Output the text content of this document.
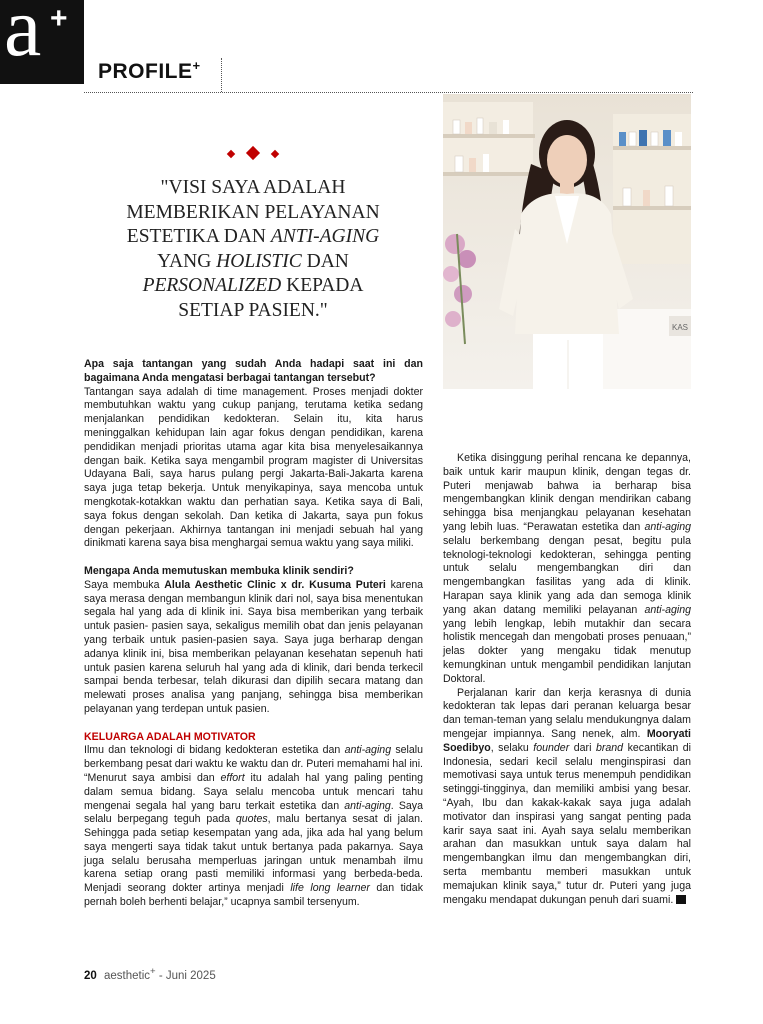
a +
PROFILE+
"VISI SAYA ADALAH
MEMBERIKAN PELAYANAN
ESTETIKA DAN ANTI-AGING
YANG HOLISTIC DAN
PERSONALIZED KEPADA
SETIAP PASIEN."
KAS

Apa saja tantangan yang sudah Anda hadapi saat ini dan bagaimana Anda mengatasi berbagai tantangan tersebut?

Tantangan saya adalah di time management. Proses menjadi dokter membutuhkan waktu yang cukup panjang, terutama ketika sedang menjalankan pendidikan kedokteran. Selain itu, kita harus meninggalkan kehidupan lain agar fokus dengan pendidikan, karena pendidikan menjadi prioritas utama agar kita bisa menyelesaikannya dengan baik. Ketika saya mengambil program magister di Universitas Udayana Bali, saya harus pulang pergi Jakarta-Bali-Jakarta karena saya juga tetap bekerja. Untuk menyikapinya, saya mencoba untuk mengkotak-kotakkan waktu dan perhatian saya. Ketika saya di Bali, saya fokus dengan sekolah. Dan ketika di Jakarta, saya pun fokus dengan pekerjaan. Akhirnya tantangan ini menjadi sebuah hal yang dinikmati karena saya bisa menghargai semua waktu yang saya miliki.

Mengapa Anda memutuskan membuka klinik sendiri?

Saya membuka Alula Aesthetic Clinic x dr. Kusuma Puteri karena saya merasa dengan membangun klinik dari nol, saya bisa menentukan segala hal yang ada di klinik ini. Saya bisa memberikan yang terbaik untuk pasien- pasien saya, sekaligus memilih obat dan jenis pelayanan yang terbaik untuk pasien-pasien saya. Saya juga berharap dengan adanya klinik ini, bisa memberikan pelayanan kesehatan sepenuh hati untuk pasien karena seluruh hal yang ada di klinik, dari benda terkecil sampai benda terbesar, telah dikurasi dan dipilih secara matang dan melewati proses analisa yang panjang, sehingga bisa memberikan pelayanan yang terdepan untuk pasien.

KELUARGA ADALAH MOTIVATOR

Ilmu dan teknologi di bidang kedokteran estetika dan anti-aging selalu berkembang pesat dari waktu ke waktu dan dr. Puteri memahami hal ini. “Menurut saya ambisi dan effort itu adalah hal yang paling penting dalam semua bidang. Saya selalu mencoba untuk mencari tahu mengenai segala hal yang baru terkait estetika dan anti-aging. Saya selalu berpegang teguh pada quotes, malu bertanya sesat di jalan. Sehingga pada setiap kesempatan yang ada, jika ada hal yang belum saya mengerti saya tidak takut untuk bertanya pada pakarnya. Saya juga selalu berusaha memperluas jaringan untuk menambah ilmu karena setiap orang pasti memiliki informasi yang berbeda-beda. Menjadi seorang dokter artinya menjadi life long learner dan tidak pernah boleh berhenti belajar,” ucapnya sambil tersenyum.

Ketika disinggung perihal rencana ke depannya, baik untuk karir maupun klinik, dengan tegas dr. Puteri menjawab bahwa ia berharap bisa mengembangkan klinik dengan mendirikan cabang sehingga bisa menjangkau pelayanan kesehatan yang lebih luas. “Perawatan estetika dan anti-aging selalu berkembang dengan pesat, begitu pula teknologi-teknologi kedokteran, sehingga penting untuk selalu mengembangkan diri dan mengembangkan fasilitas yang ada di klinik. Harapan saya klinik yang ada dan semoga klinik yang akan datang memiliki pelayanan anti-aging yang lebih lengkap, lebih mutakhir dan secara holistik mencegah dan mengobati proses penuaan,” jelas dokter yang mengaku tidak menutup kemungkinan untuk mengambil pendidikan lanjutan Doktoral.

Perjalanan karir dan kerja kerasnya di dunia kedokteran tak lepas dari peranan keluarga besar dan teman-teman yang selalu mendukungnya dalam mengejar impiannya. Sang nenek, alm. Mooryati Soedibyo, selaku founder dari brand kecantikan di Indonesia, sedari kecil selalu menginspirasi dan memotivasi saya untuk terus menempuh pendidikan setinggi-tingginya, dan memiliki ambisi yang besar. “Ayah, Ibu dan kakak-kakak saya juga adalah motivator dan inspirasi yang sangat penting pada karir saya saat ini. Ayah saya selalu memberikan arahan dan masukkan untuk saya dalam hal mengembangkan ilmu dan mengembangkan diri, serta membantu memberi masukkan untuk memajukan klinik saya,” tutur dr. Puteri yang juga mengaku mendapat dukungan penuh dari suami. a+

20 aesthetic+ - Juni 2025
